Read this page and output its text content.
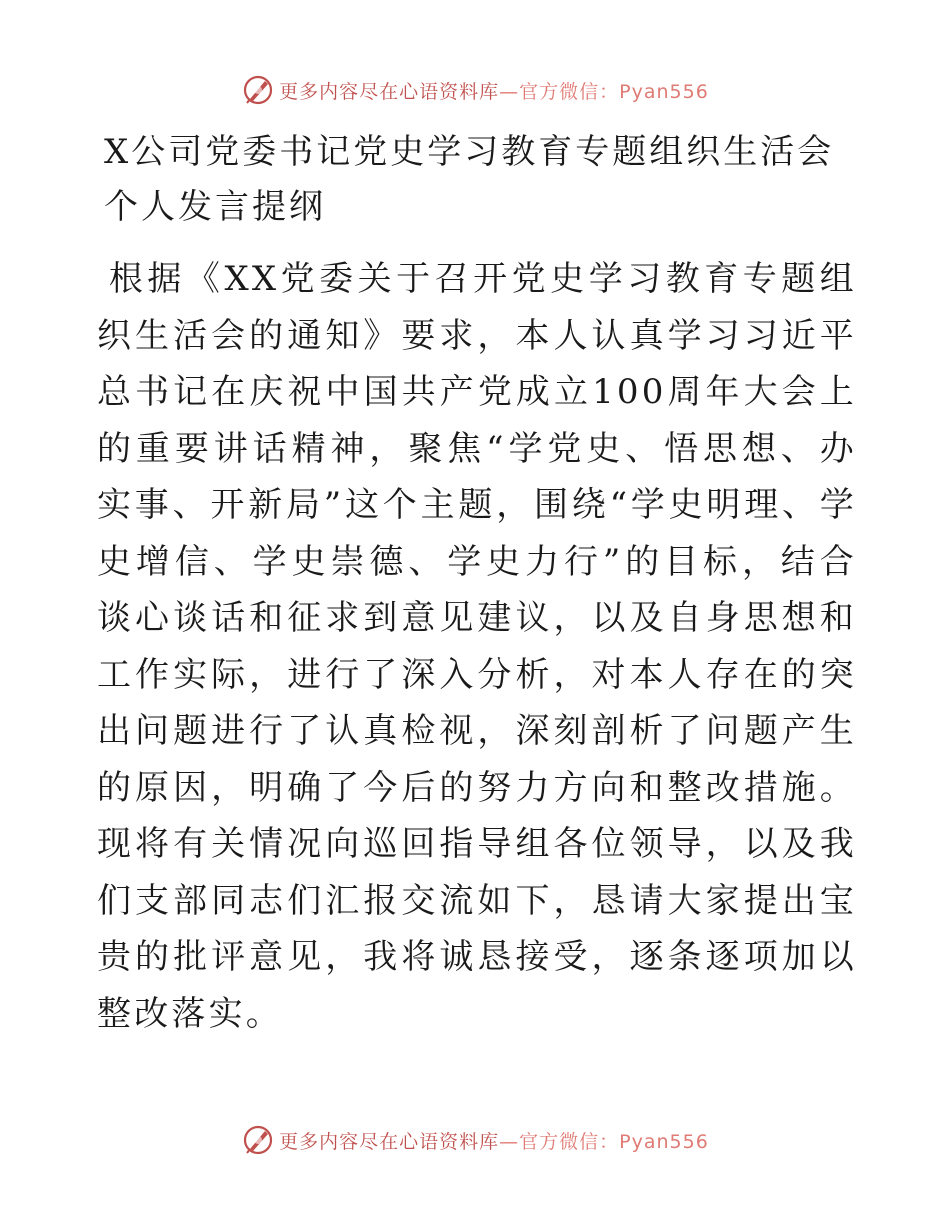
更多内容尽在心语资料库—官方微信：Pyan556
X公司党委书记党史学习教育专题组织生活会个人发言提纲

根据《XX党委关于召开党史学习教育专题组织生活会的通知》要求，本人认真学习习近平总书记在庆祝中国共产党成立100周年大会上的重要讲话精神，聚焦“学党史、悟思想、办实事、开新局”这个主题，围绕“学史明理、学史增信、学史崇德、学史力行”的目标，结合谈心谈话和征求到意见建议，以及自身思想和工作实际，进行了深入分析，对本人存在的突出问题进行了认真检视，深刻剖析了问题产生的原因，明确了今后的努力方向和整改措施。现将有关情况向巡回指导组各位领导，以及我们支部同志们汇报交流如下，恳请大家提出宝贵的批评意见，我将诚恳接受，逐条逐项加以整改落实。

更多内容尽在心语资料库—官方微信：Pyan556
